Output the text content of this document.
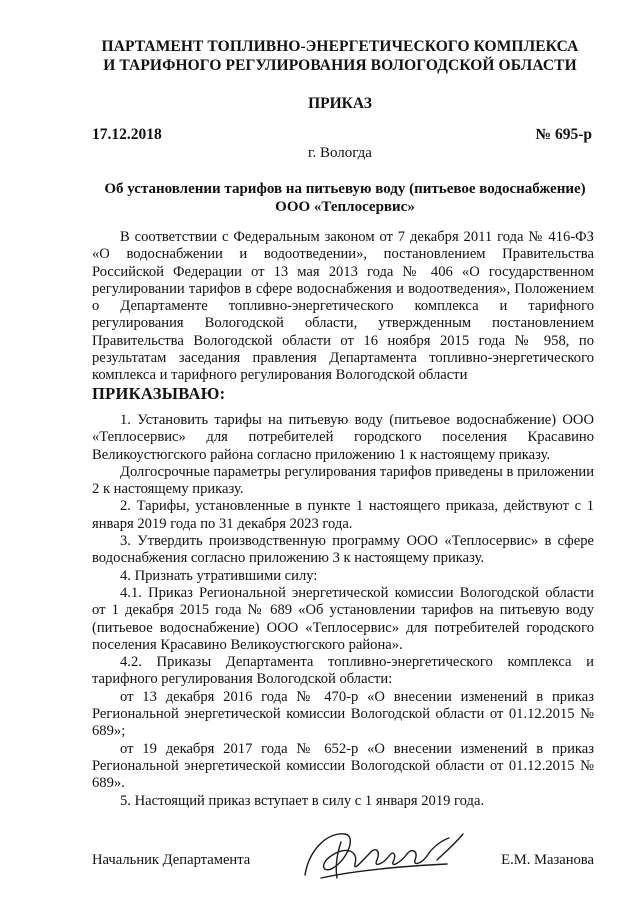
ПАРТАМЕНТ ТОПЛИВНО-ЭНЕРГЕТИЧЕСКОГО КОМПЛЕКСА
И ТАРИФНОГО РЕГУЛИРОВАНИЯ ВОЛОГОДСКОЙ ОБЛАСТИ
ПРИКАЗ
17.12.2018	№ 695-р
г. Вологда
Об установлении тарифов на питьевую воду (питьевое водоснабжение)
ООО «Теплосервис»

В соответствии с Федеральным законом от 7 декабря 2011 года № 416-ФЗ «О водоснабжении и водоотведении», постановлением Правительства Российской Федерации от 13 мая 2013 года № 406 «О государственном регулировании тарифов в сфере водоснабжения и водоотведения», Положением о Департаменте топливно-энергетического комплекса и тарифного регулирования Вологодской области, утвержденным постановлением Правительства Вологодской области от 16 ноября 2015 года № 958, по результатам заседания правления Департамента топливно-энергетического комплекса и тарифного регулирования Вологодской области

ПРИКАЗЫВАЮ:

1. Установить тарифы на питьевую воду (питьевое водоснабжение) ООО «Теплосервис» для потребителей городского поселения Красавино Великоустюгского района согласно приложению 1 к настоящему приказу.

Долгосрочные параметры регулирования тарифов приведены в приложении 2 к настоящему приказу.

2. Тарифы, установленные в пункте 1 настоящего приказа, действуют с 1 января 2019 года по 31 декабря 2023 года.

3. Утвердить производственную программу ООО «Теплосервис» в сфере водоснабжения согласно приложению 3 к настоящему приказу.

4. Признать утратившими силу:

4.1. Приказ Региональной энергетической комиссии Вологодской области от 1 декабря 2015 года № 689 «Об установлении тарифов на питьевую воду (питьевое водоснабжение) ООО «Теплосервис» для потребителей городского поселения Красавино Великоустюгского района».

4.2. Приказы Департамента топливно-энергетического комплекса и тарифного регулирования Вологодской области:

от 13 декабря 2016 года № 470-р «О внесении изменений в приказ Региональной энергетической комиссии Вологодской области от 01.12.2015 № 689»;

от 19 декабря 2017 года № 652-р «О внесении изменений в приказ Региональной энергетической комиссии Вологодской области от 01.12.2015 № 689».

5. Настоящий приказ вступает в силу с 1 января 2019 года.

Начальник Департамента	Е.М. Мазанова
